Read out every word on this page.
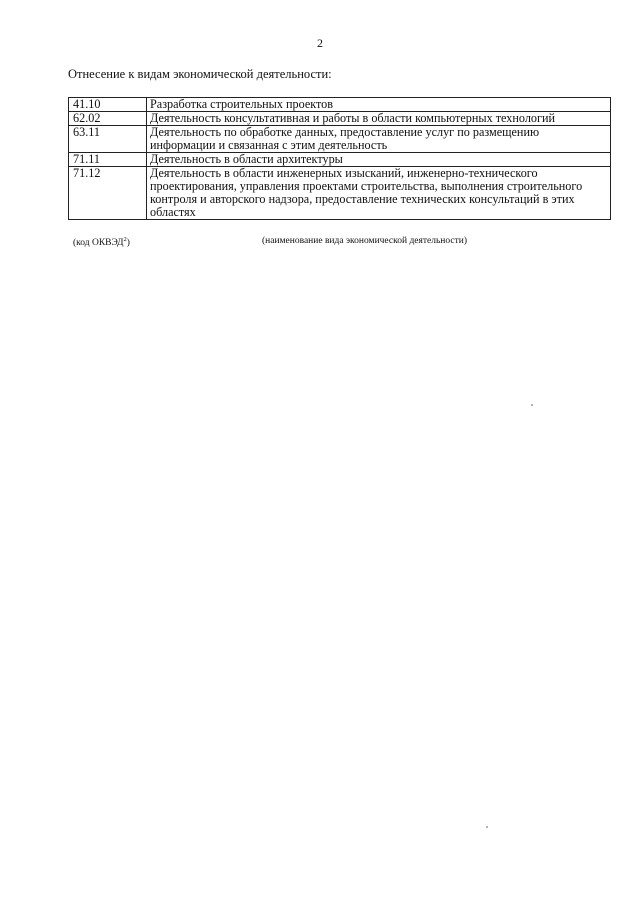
2
Отнесение к видам экономической деятельности:
41.10	Разработка строительных проектов
62.02	Деятельность консультативная и работы в области компьютерных технологий
63.11	Деятельность по обработке данных, предоставление услуг по размещению информации и связанная с этим деятельность
71.11	Деятельность в области архитектуры
71.12	Деятельность в области инженерных изысканий, инженерно-технического проектирования, управления проектами строительства, выполнения строительного контроля и авторского надзора, предоставление технических консультаций в этих областях
(код ОКВЭД$^2$)	(наименование вида экономической деятельности)
